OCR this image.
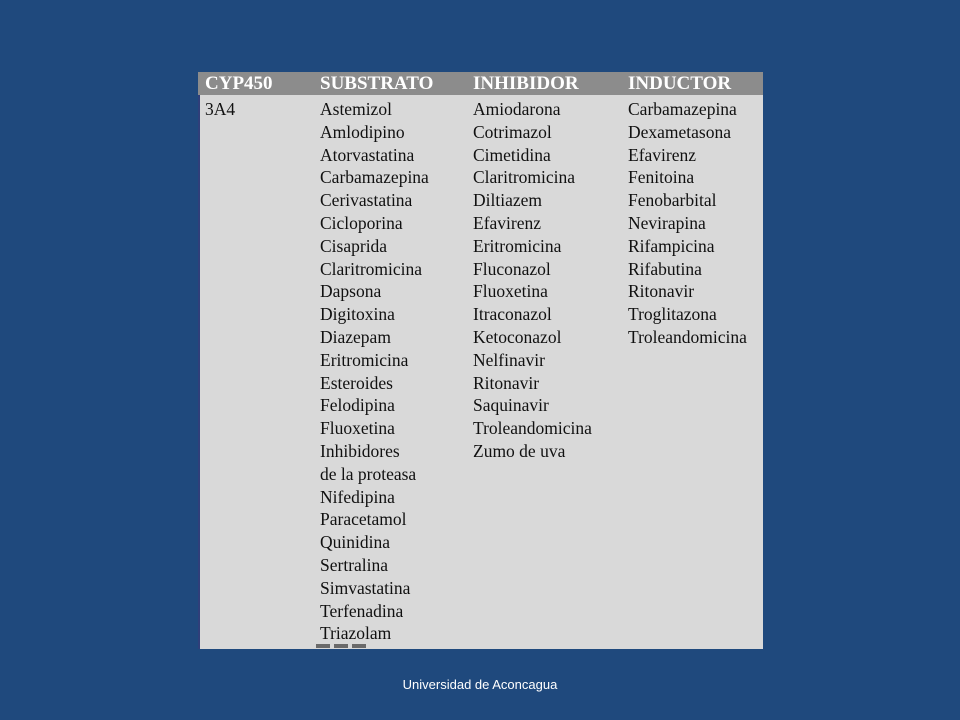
CYP450 SUBSTRATO INHIBIDOR	INDUCTOR
3A4	Astemizol
Amlodipino
Atorvastatina
Carbamazepina
Cerivastatina
Cicloporina
Cisaprida
Claritromicina
Dapsona
Digitoxina
Diazepam
Eritromicina
Esteroides
Felodipina
Fluoxetina
Inhibidores
de la proteasa
Nifedipina
Paracetamol
Quinidina
Sertralina
Simvastatina
Terfenadina
Triazolam
Amiodarona
Cotrimazol
Cimetidina
Claritromicina
Diltiazem
Efavirenz
Eritromicina
Fluconazol
Fluoxetina
Itraconazol
Ketoconazol
Nelfinavir
Ritonavir
Saquinavir
Troleandomicina
Zumo de uva
Carbamazepina
Dexametasona
Efavirenz
Fenitoina
Fenobarbital
Nevirapina
Rifampicina
Rifabutina
Ritonavir
Troglitazona
Troleandomicina
Universidad de Aconcagua
